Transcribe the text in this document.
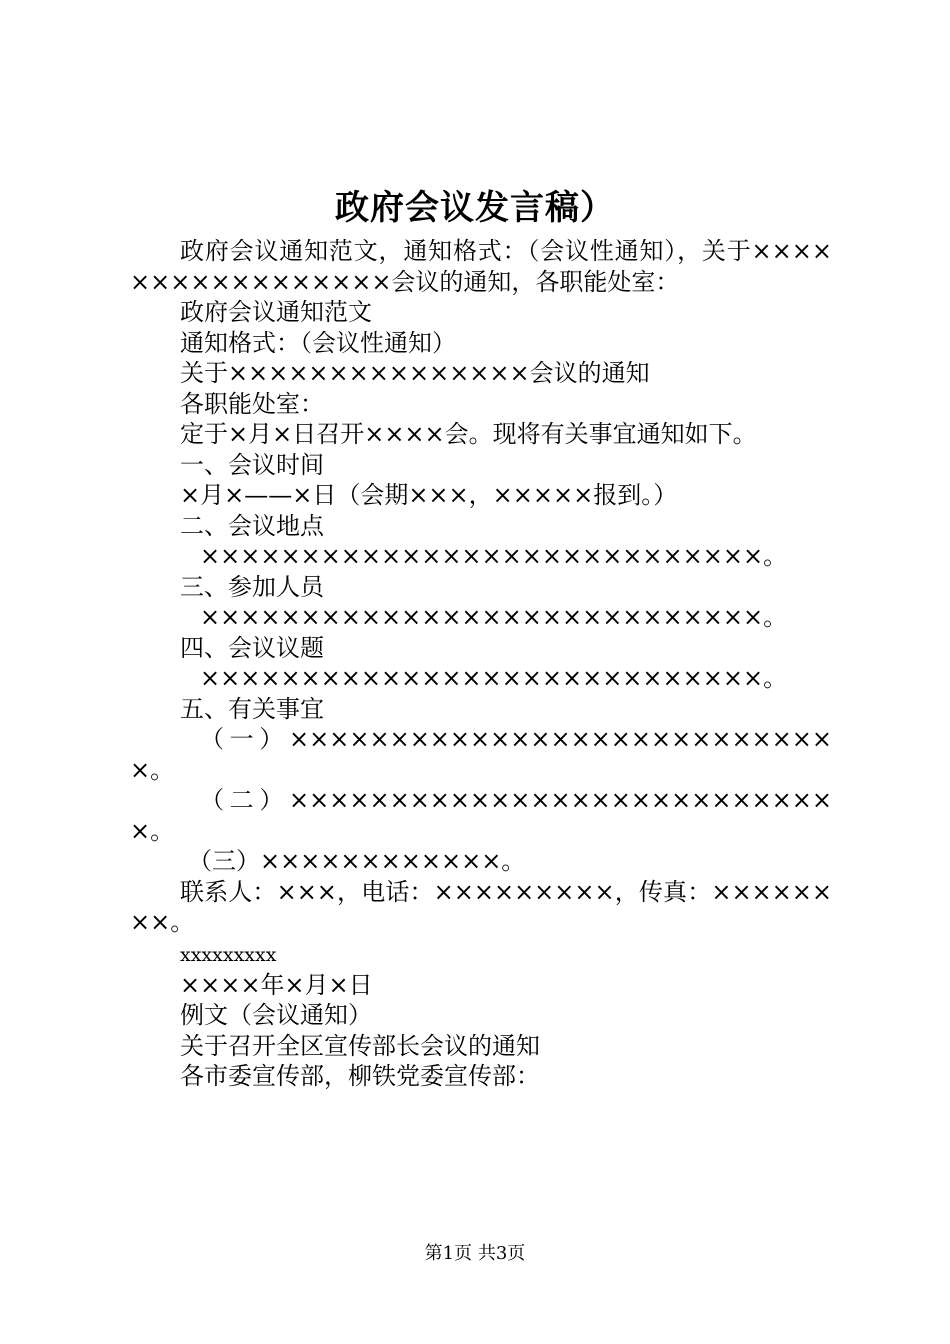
政府会议发言稿）

政府会议通知范文，通知格式：（会议性通知），关于×××××××××××××××××会议的通知，各职能处室：

政府会议通知范文

通知格式：（会议性通知）

关于×××××××××××××××会议的通知

各职能处室：

定于×月×日召开××××会。现将有关事宜通知如下。

一、会议时间

×月×——×日（会期×××，×××××报到。）

二、会议地点

××××××××××××××××××××××××××××。

三、参加人员

××××××××××××××××××××××××××××。

四、会议议题

××××××××××××××××××××××××××××。

五、有关事宜

（一）××××××××××××××××××××××××××××。

（二）××××××××××××××××××××××××××××。

（三）××××××××××××。

联系人：×××，电话：×××××××××，传真：××××××××。

xxxxxxxxx

××××年×月×日

例文（会议通知）

关于召开全区宣传部长会议的通知

各市委宣传部，柳铁党委宣传部：

第1页 共3页
